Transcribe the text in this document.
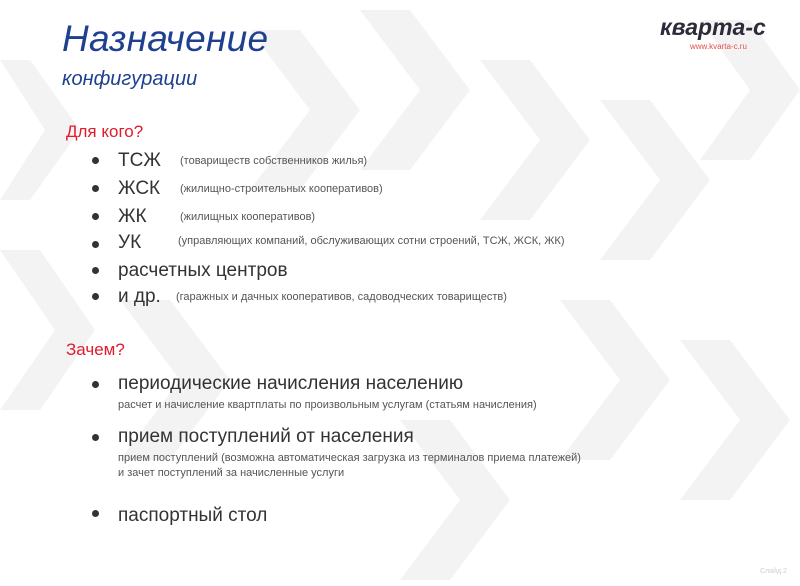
Назначение
конфигурации
кварта-с
www.kvarta-c.ru
Для кого?
ТСЖ (товариществ собственников жилья)
ЖСК (жилищно-строительных кооперативов)
ЖК	(жилищных кооперативов)
УК	(управляющих компаний, обслуживающих сотни строений, ТСЖ, ЖСК, ЖК)
расчетных центров
и др. (гаражных и дачных кооперативов, садоводческих товариществ)
Зачем?
периодические начисления населению
расчет и начисление квартплаты по произвольным услугам (статьям начисления)
прием поступлений от населения
прием поступлений (возможна автоматическая загрузка из терминалов приема платежей)
и зачет поступлений за начисленные услуги
паспортный стол
Слайд 2
